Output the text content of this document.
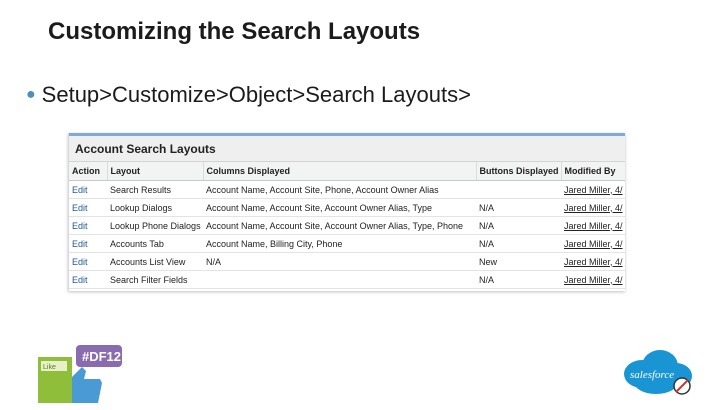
Customizing the Search Layouts
● Setup>Customize>Object>Search Layouts>
Account Search Layouts
Action	Layout	Columns Displayed	Buttons Displayed	Modified By
Edit	Search Results	Account Name, Account Site, Phone, Account Owner Alias		Jared Miller, 4/
Edit	Lookup Dialogs	Account Name, Account Site, Account Owner Alias, Type	N/A	Jared Miller, 4/
Edit	Lookup Phone Dialogs	Account Name, Account Site, Account Owner Alias, Type, Phone	N/A	Jared Miller, 4/
Edit	Accounts Tab	Account Name, Billing City, Phone	N/A	Jared Miller, 4/
Edit	Accounts List View	N/A	New	Jared Miller, 4/
Edit	Search Filter Fields		N/A	Jared Miller, 4/
Like
#DF12
salesforce
